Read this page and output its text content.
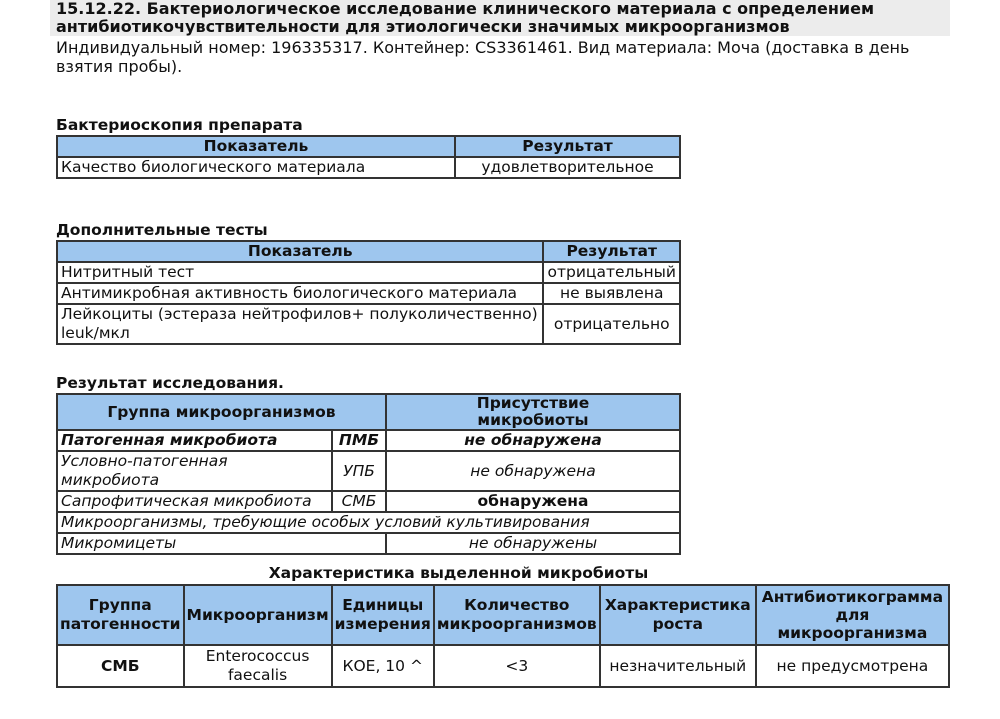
15.12.22. Бактериологическое исследование клинического материала с определением антибиотикочувствительности для этиологически значимых микроорганизмов
Индивидуальный номер: 196335317. Контейнер: CS3361461. Вид материала: Моча (доставка в день взятия пробы).
Бактериоскопия препарата
Показатель	Результат
Качество биологического материала	удовлетворительное
Дополнительные тесты
Показатель	Результат
Нитритный тест	отрицательный
Антимикробная активность биологического материала	не выявлена
Лейкоциты (эстераза нейтрофилов+ полуколичественно) leuk/мкл	отрицательно
Результат исследования.
Группа микроорганизмов		Присутствие микробиоты
Патогенная микробиота	ПМБ	не обнаружена
Условно-патогенная микробиота	УПБ	не обнаружена
Сапрофитическая микробиота	СМБ	обнаружена
Микроорганизмы, требующие особых условий культивирования		
Микромицеты		не обнаружены
Характеристика выделенной микробиоты
Группа патогенности	Микроорганизм	Единицы измерения	Количество микроорганизмов	Характеристика роста	Антибиотикограмма для микроорганизма
СМБ	Enterococcus faecalis	КОЕ, 10 ^	<3	незначительный	не предусмотрена
